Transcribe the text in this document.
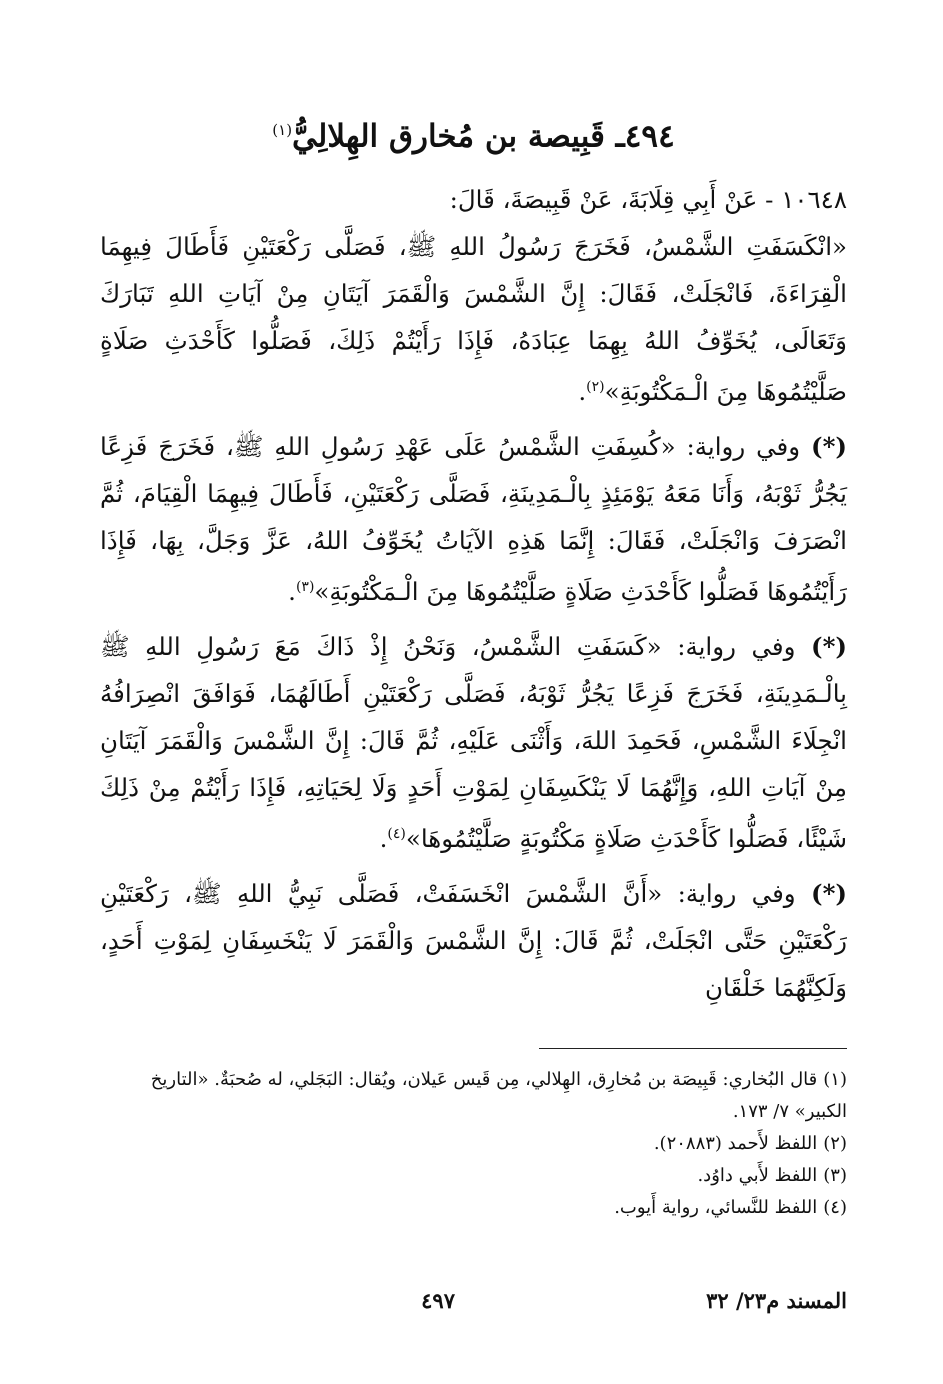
٤٩٤ـ قَبِيصة بن مُخارق الهِلالِيُّ$^{(١)}$

١٠٦٤٨ - عَنْ أَبِي قِلَابَةَ، عَنْ قَبِيصَةَ، قَالَ:

«انْكَسَفَتِ الشَّمْسُ، فَخَرَجَ رَسُولُ اللهِ ﷺ، فَصَلَّى رَكْعَتَيْنِ فَأَطَالَ فِيهِمَا الْقِرَاءَةَ، فَانْجَلَتْ، فَقَالَ: إِنَّ الشَّمْسَ وَالْقَمَرَ آيَتَانِ مِنْ آيَاتِ اللهِ تَبَارَكَ وَتَعَالَى، يُخَوِّفُ اللهُ بِهِمَا عِبَادَهُ، فَإِذَا رَأَيْتُمْ ذَلِكَ، فَصَلُّوا كَأَحْدَثِ صَلَاةٍ صَلَّيْتُمُوهَا مِنَ الْـمَكْتُوبَةِ»$^{(٢)}$.

(*) وفي رواية: «كُسِفَتِ الشَّمْسُ عَلَى عَهْدِ رَسُولِ اللهِ ﷺ، فَخَرَجَ فَزِعًا يَجُرُّ ثَوْبَهُ، وَأَنَا مَعَهُ يَوْمَئِذٍ بِالْـمَدِينَةِ، فَصَلَّى رَكْعَتَيْنِ، فَأَطَالَ فِيهِمَا الْقِيَامَ، ثُمَّ انْصَرَفَ وَانْجَلَتْ، فَقَالَ: إِنَّمَا هَذِهِ الآيَاتُ يُخَوِّفُ اللهُ، عَزَّ وَجَلَّ، بِهَا، فَإِذَا رَأَيْتُمُوهَا فَصَلُّوا كَأَحْدَثِ صَلَاةٍ صَلَّيْتُمُوهَا مِنَ الْـمَكْتُوبَةِ»$^{(٣)}$.

(*) وفي رواية: «كَسَفَتِ الشَّمْسُ، وَنَحْنُ إِذْ ذَاكَ مَعَ رَسُولِ اللهِ ﷺ بِالْـمَدِينَةِ، فَخَرَجَ فَزِعًا يَجُرُّ ثَوْبَهُ، فَصَلَّى رَكْعَتَيْنِ أَطَالَهُمَا، فَوَافَقَ انْصِرَافُهُ انْجِلَاءَ الشَّمْسِ، فَحَمِدَ اللهَ، وَأَثْنَى عَلَيْهِ، ثُمَّ قَالَ: إِنَّ الشَّمْسَ وَالْقَمَرَ آيَتَانِ مِنْ آيَاتِ اللهِ، وَإِنَّهُمَا لَا يَنْكَسِفَانِ لِمَوْتِ أَحَدٍ وَلَا لِحَيَاتِهِ، فَإِذَا رَأَيْتُمْ مِنْ ذَلِكَ شَيْئًا، فَصَلُّوا كَأَحْدَثِ صَلَاةٍ مَكْتُوبَةٍ صَلَّيْتُمُوهَا»$^{(٤)}$.

(*) وفي رواية: «أَنَّ الشَّمْسَ انْخَسَفَتْ، فَصَلَّى نَبِيُّ اللهِ ﷺ، رَكْعَتَيْنِ رَكْعَتَيْنِ حَتَّى انْجَلَتْ، ثُمَّ قَالَ: إِنَّ الشَّمْسَ وَالْقَمَرَ لَا يَنْخَسِفَانِ لِمَوْتِ أَحَدٍ، وَلَكِنَّهُمَا خَلْقَانِ

(١)قال البُخاري: قَبِيصَة بن مُخارِق، الهِلالي، مِن قَيس عَيلان، ويُقال: البَجَلي، له صُحبَةٌ. «التاريخ الكبير» ٧/ ١٧٣.

(٢)اللفظ لأَحمد (٢٠٨٨٣).

(٣)اللفظ لأَبي داوُد.

(٤)اللفظ للنَّسائي، رواية أَيوب.

المسند م٢٣/ ٣٢
٤٩٧
